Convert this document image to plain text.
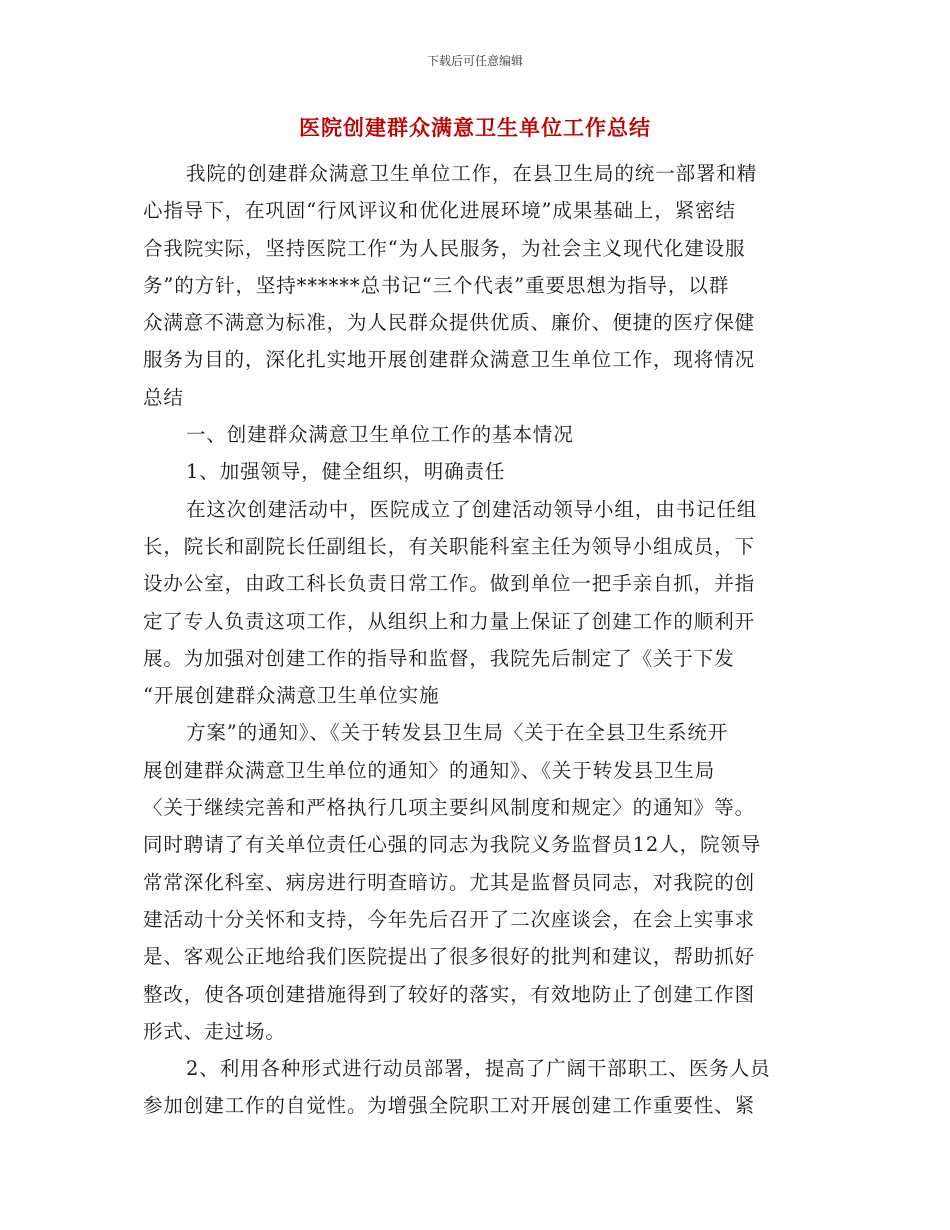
下载后可任意编辑
医院创建群众满意卫生单位工作总结
我院的创建群众满意卫生单位工作，在县卫生局的统一部署和精
心指导下，在巩固“行风评议和优化进展环境”成果基础上，紧密结
合我院实际，坚持医院工作“为人民服务，为社会主义现代化建设服
务”的方针，坚持******总书记“三个代表”重要思想为指导，以群
众满意不满意为标准，为人民群众提供优质、廉价、便捷的医疗保健
服务为目的，深化扎实地开展创建群众满意卫生单位工作，现将情况
总结
一、创建群众满意卫生单位工作的基本情况
1、加强领导，健全组织，明确责任
在这次创建活动中，医院成立了创建活动领导小组，由书记任组
长，院长和副院长任副组长，有关职能科室主任为领导小组成员，下
设办公室，由政工科长负责日常工作。做到单位一把手亲自抓，并指
定了专人负责这项工作，从组织上和力量上保证了创建工作的顺利开
展。为加强对创建工作的指导和监督，我院先后制定了《关于下发
“开展创建群众满意卫生单位实施
方案”的通知》、《关于转发县卫生局〈关于在全县卫生系统开
展创建群众满意卫生单位的通知〉的通知》、《关于转发县卫生局
〈关于继续完善和严格执行几项主要纠风制度和规定〉的通知》等。
同时聘请了有关单位责任心强的同志为我院义务监督员12人，院领导
常常深化科室、病房进行明查暗访。尤其是监督员同志，对我院的创
建活动十分关怀和支持，今年先后召开了二次座谈会，在会上实事求
是、客观公正地给我们医院提出了很多很好的批判和建议，帮助抓好
整改，使各项创建措施得到了较好的落实，有效地防止了创建工作图
形式、走过场。
2、利用各种形式进行动员部署，提高了广阔干部职工、医务人员
参加创建工作的自觉性。为增强全院职工对开展创建工作重要性、紧
